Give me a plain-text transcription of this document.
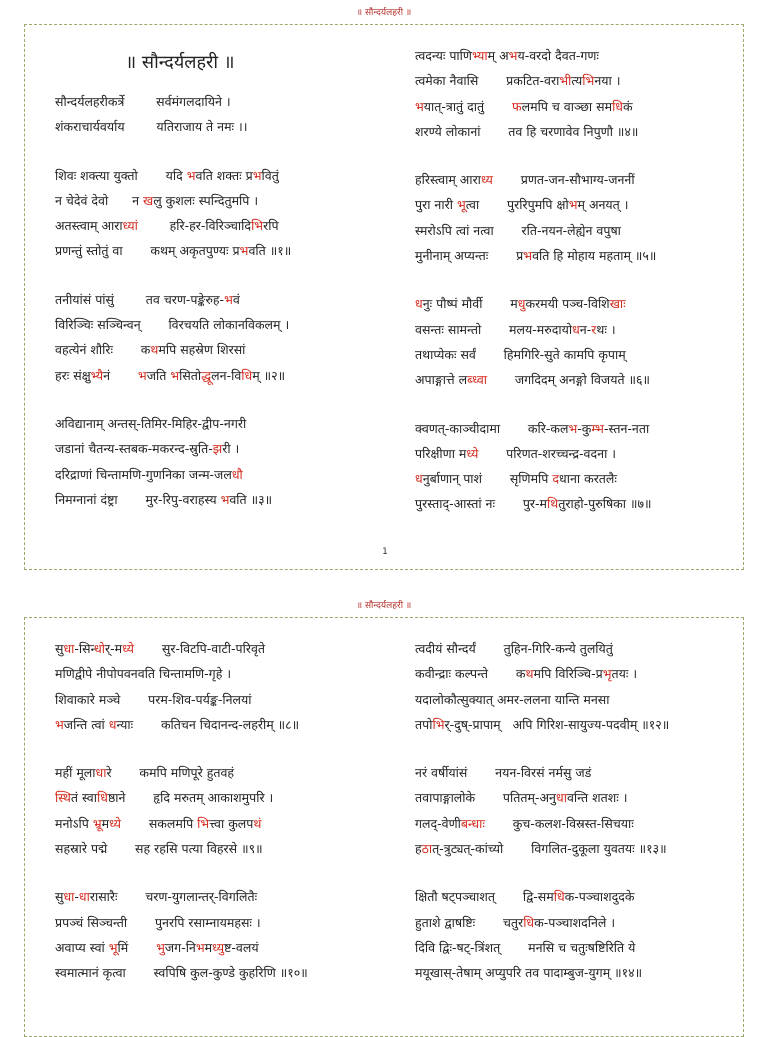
॥ सौन्दर्यलहरी ॥
॥ सौन्दर्यलहरी ॥
सौन्दर्यलहरीकर्त्रे        सर्वमंगलदायिने ।
शंकराचार्यवर्याय        यतिराजाय ते नमः ।।
शिवः शक्त्या युक्तो       यदि भवति शक्तः प्रभवितुं
न चेदेवं देवो      न खलु कुशलः स्पन्दितुमपि ।
अतस्त्वाम् आराध्यां        हरि-हर-विरिञ्चादिभिरपि
प्रणन्तुं स्तोतुं वा       कथम् अकृतपुण्यः प्रभवति ॥१॥
तनीयांसं पांसुं        तव चरण-पङ्केरुह-भवं
विरिञ्चिः सञ्चिन्वन्       विरचयति लोकानविकलम् ।
वहत्येनं शौरिः       कथमपि सहस्रेण शिरसां
हरः संक्षुभ्यैनं       भजति भसितोद्धूलन-विधिम् ॥२॥
अविद्यानाम् अन्तस्-तिमिर-मिहिर-द्वीप-नगरी
जडानां चैतन्य-स्तबक-मकरन्द-स्रुति-झरी ।
दरिद्राणां चिन्तामणि-गुणनिका जन्म-जलधौ
निमग्नानां दंष्ट्रा       मुर-रिपु-वराहस्य भवति ॥३॥
त्वदन्यः पाणिभ्याम् अभय-वरदो दैवत-गणः
त्वमेका नैवासि       प्रकटित-वराभीत्यभिनया ।
भयात्-त्रातुं दातुं       फलमपि च वाञ्छा समधिकं
शरण्ये लोकानां       तव हि चरणावेव निपुणौ ॥४॥
हरिस्त्वाम् आराध्य       प्रणत-जन-सौभाग्य-जननीं
पुरा नारी भूत्वा       पुररिपुमपि क्षोभम् अनयत् ।
स्मरोऽपि त्वां नत्वा       रति-नयन-लेह्येन वपुषा
मुनीनाम् अप्यन्तः       प्रभवति हि मोहाय महताम् ॥५॥
धनुः पौष्पं मौर्वी       मधुकरमयी पञ्च-विशिखाः
वसन्तः सामन्तो       मलय-मरुदायोधन-रथः ।
तथाप्येकः सर्वं       हिमगिरि-सुते कामपि कृपाम्
अपाङ्गात्ते लब्ध्वा       जगदिदम् अनङ्गो विजयते ॥६॥
क्वणत्-काञ्चीदामा       करि-कलभ-कुम्भ-स्तन-नता
परिक्षीणा मध्ये       परिणत-शरच्चन्द्र-वदना ।
धनुर्बाणान् पाशं       सृणिमपि दधाना करतलैः
पुरस्ताद्-आस्तां नः       पुर-मथितुराहो-पुरुषिका ॥७॥
1
॥ सौन्दर्यलहरी ॥
सुधा-सिन्धोर्-मध्ये       सुर-विटपि-वाटी-परिवृते
मणिद्वीपे नीपोपवनवति चिन्तामणि-गृहे ।
शिवाकारे मञ्चे       परम-शिव-पर्यङ्क-निलयां
भजन्ति त्वां धन्याः       कतिचन चिदानन्द-लहरीम् ॥८॥
महीं मूलाधारे       कमपि मणिपूरे हुतवहं
स्थितं स्वाधिष्ठाने       हृदि मरुतम् आकाशमुपरि ।
मनोऽपि भ्रूमध्ये       सकलमपि भित्त्वा कुलपथं
सहस्रारे पद्मे       सह रहसि पत्या विहरसे ॥९॥
सुधा-धारासारैः       चरण-युगलान्तर्-विगलितैः
प्रपञ्चं सिञ्चन्ती       पुनरपि रसाम्नायमहसः ।
अवाप्य स्वां भूमिं       भुजग-निभमध्युष्ट-वलयं
स्वमात्मानं कृत्वा       स्वपिषि कुल-कुण्डे कुहरिणि ॥१०॥
त्वदीयं सौन्दर्यं       तुहिन-गिरि-कन्ये तुलयितुं
कवीन्द्राः कल्पन्ते       कथमपि विरिञ्चि-प्रभृतयः ।
यदालोकौत्सुक्यात् अमर-ललना यान्ति मनसा
तपोभिर्-दुष्-प्रापाम्   अपि गिरिश-सायुज्य-पदवीम् ॥१२॥
नरं वर्षीयांसं       नयन-विरसं नर्मसु जडं
तवापाङ्गालोके       पतितम्-अनुधावन्ति शतशः ।
गलद्-वेणीबन्धाः       कुच-कलश-विस्रस्त-सिचयाः
हठात्-त्रुट्यत्-कांच्यो       विगलित-दुकूला युवतयः ॥१३॥
क्षितौ षट्पञ्चाशत्       द्वि-समधिक-पञ्चाशदुदके
हुताशे द्वाषष्टिः       चतुरधिक-पञ्चाशदनिले ।
दिवि द्विः-षट्-त्रिंशत्       मनसि च चतुःषष्टिरिति ये
मयूखास्-तेषाम् अप्युपरि तव पादाम्बुज-युगम् ॥१४॥
